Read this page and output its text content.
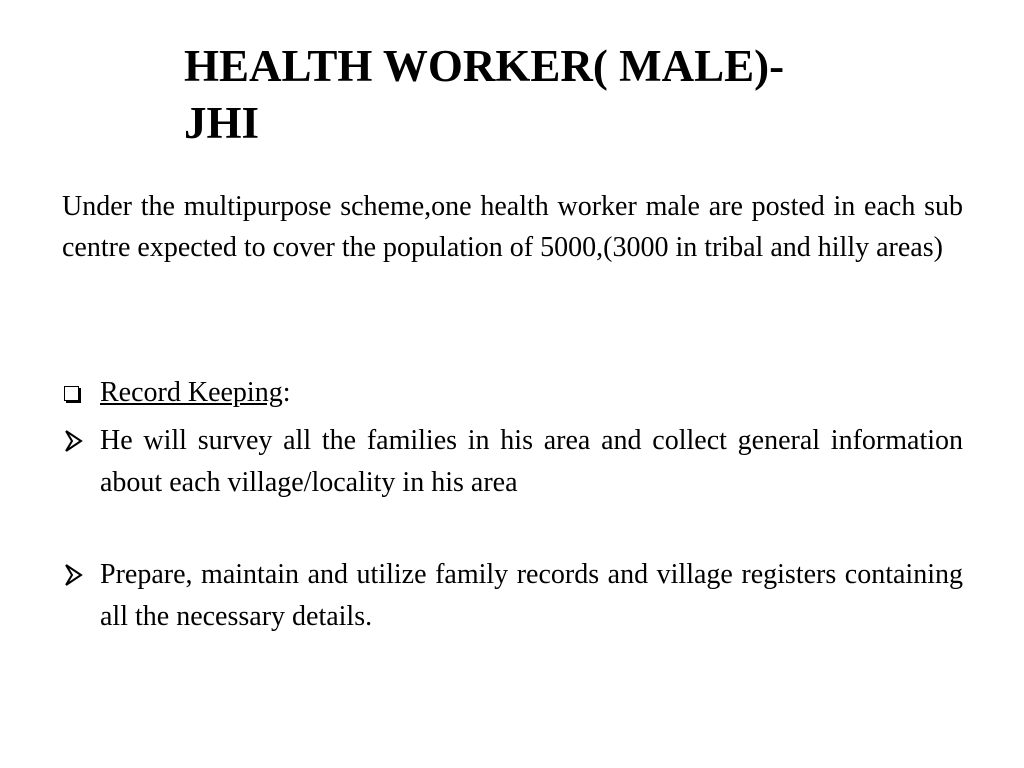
HEALTH WORKER( MALE)-
JHI

Under the multipurpose scheme,one health worker male are posted in each sub centre expected to cover the population of 5000,(3000 in tribal and hilly areas)

Record Keeping:
He will survey all the families in his area and collect general information about each village/locality in his area
Prepare, maintain and utilize family records and village registers containing all the necessary details.
